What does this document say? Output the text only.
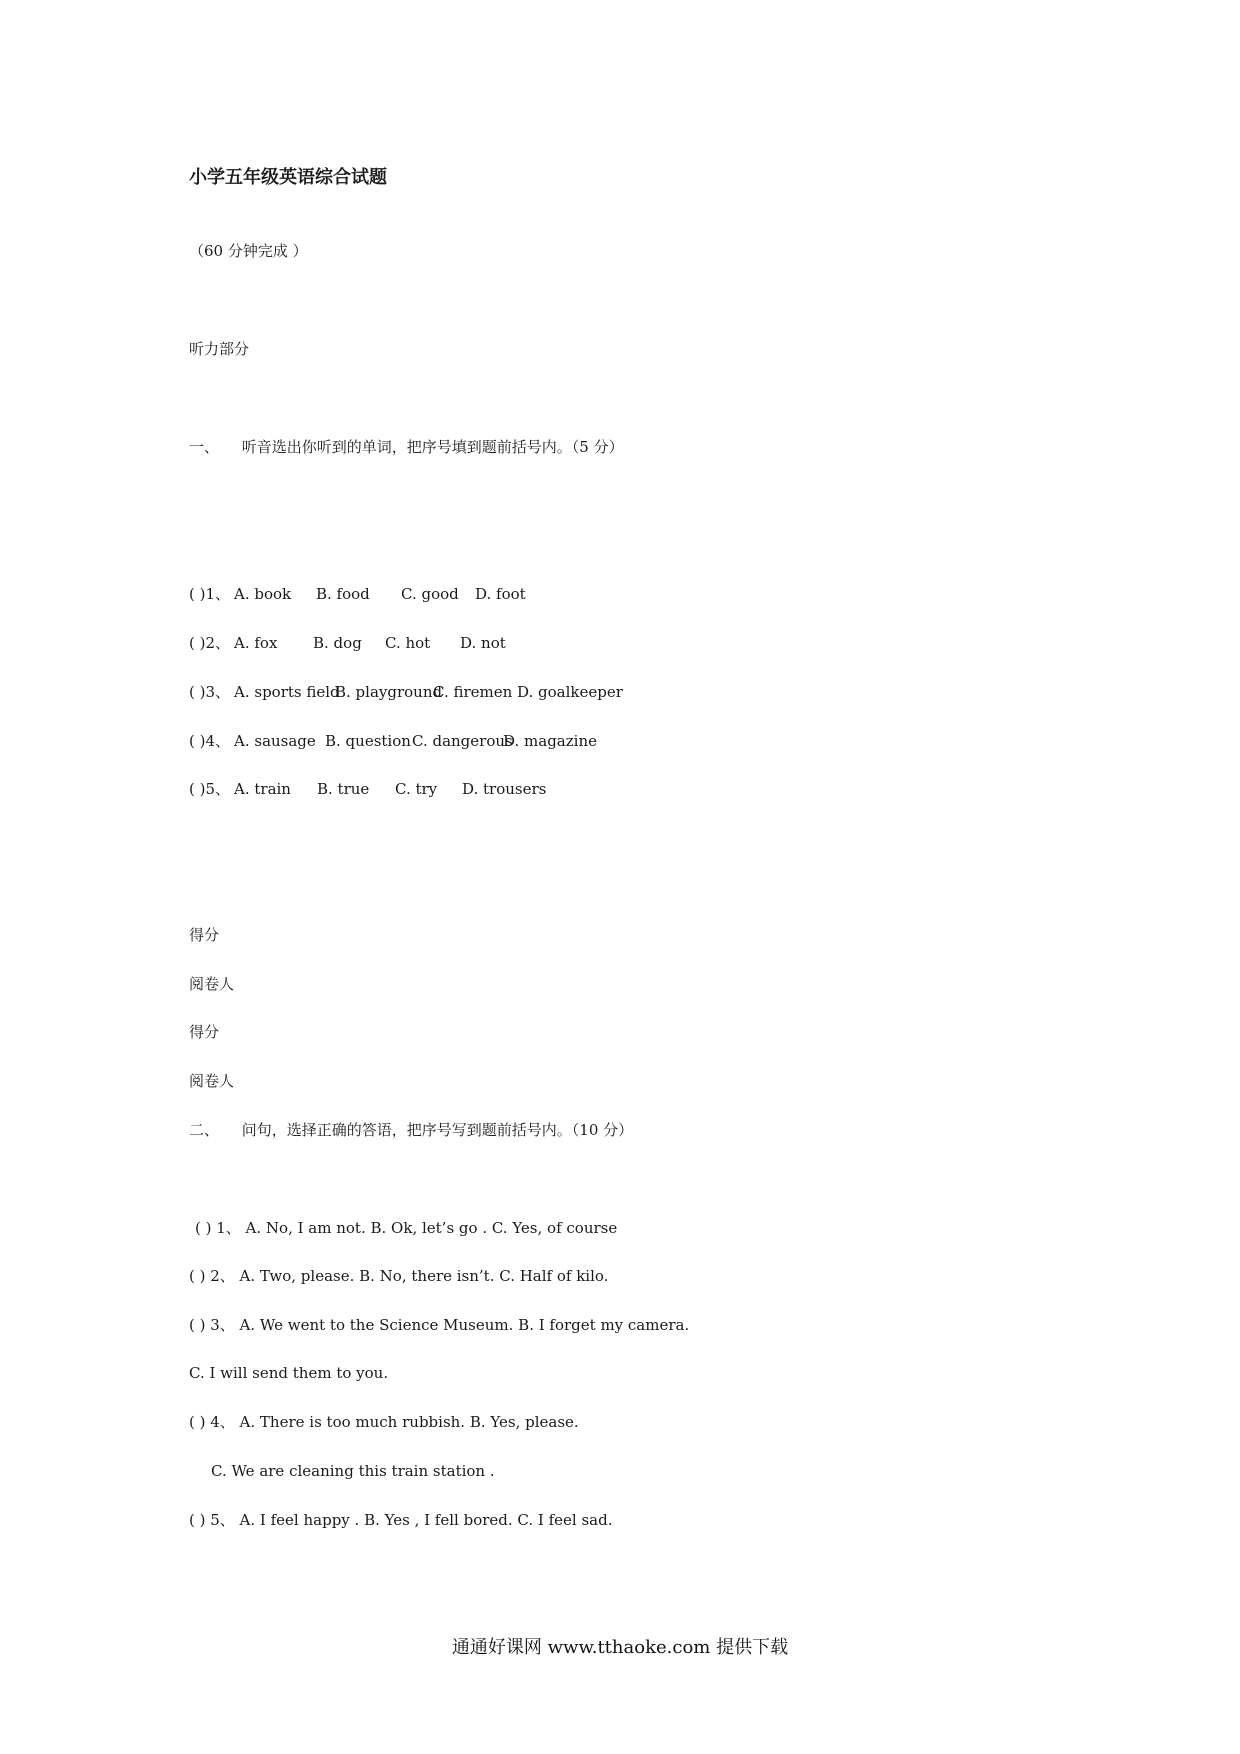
小学五年级英语综合试题
（60 分钟完成 ）
听力部分
一、 听音选出你听到的单词，把序号填到题前括号内。（5 分）
( )1、 A. book B. food C. good D. foot
( )2、 A. fox B. dog C. hot D. not
( )3、 A. sports fieldB. playgroundC. firemen D. goalkeeper
( )4、 A. sausage B. questionC. dangerousD. magazine
( )5、 A. train B. true C. try D. trousers
得分
阅卷人
得分
阅卷人
二、 问句，选择正确的答语，把序号写到题前括号内。（10 分）
( ) 1、 A. No, I am not. B. Ok, let’s go . C. Yes, of course
( ) 2、 A. Two, please. B. No, there isn’t. C. Half of kilo.
( ) 3、 A. We went to the Science Museum. B. I forget my camera.
C. I will send them to you.
( ) 4、 A. There is too much rubbish. B. Yes, please.
C. We are cleaning this train station .
( ) 5、 A. I feel happy . B. Yes , I fell bored. C. I feel sad.
通通好课网 www.tthaoke.com 提供下载
